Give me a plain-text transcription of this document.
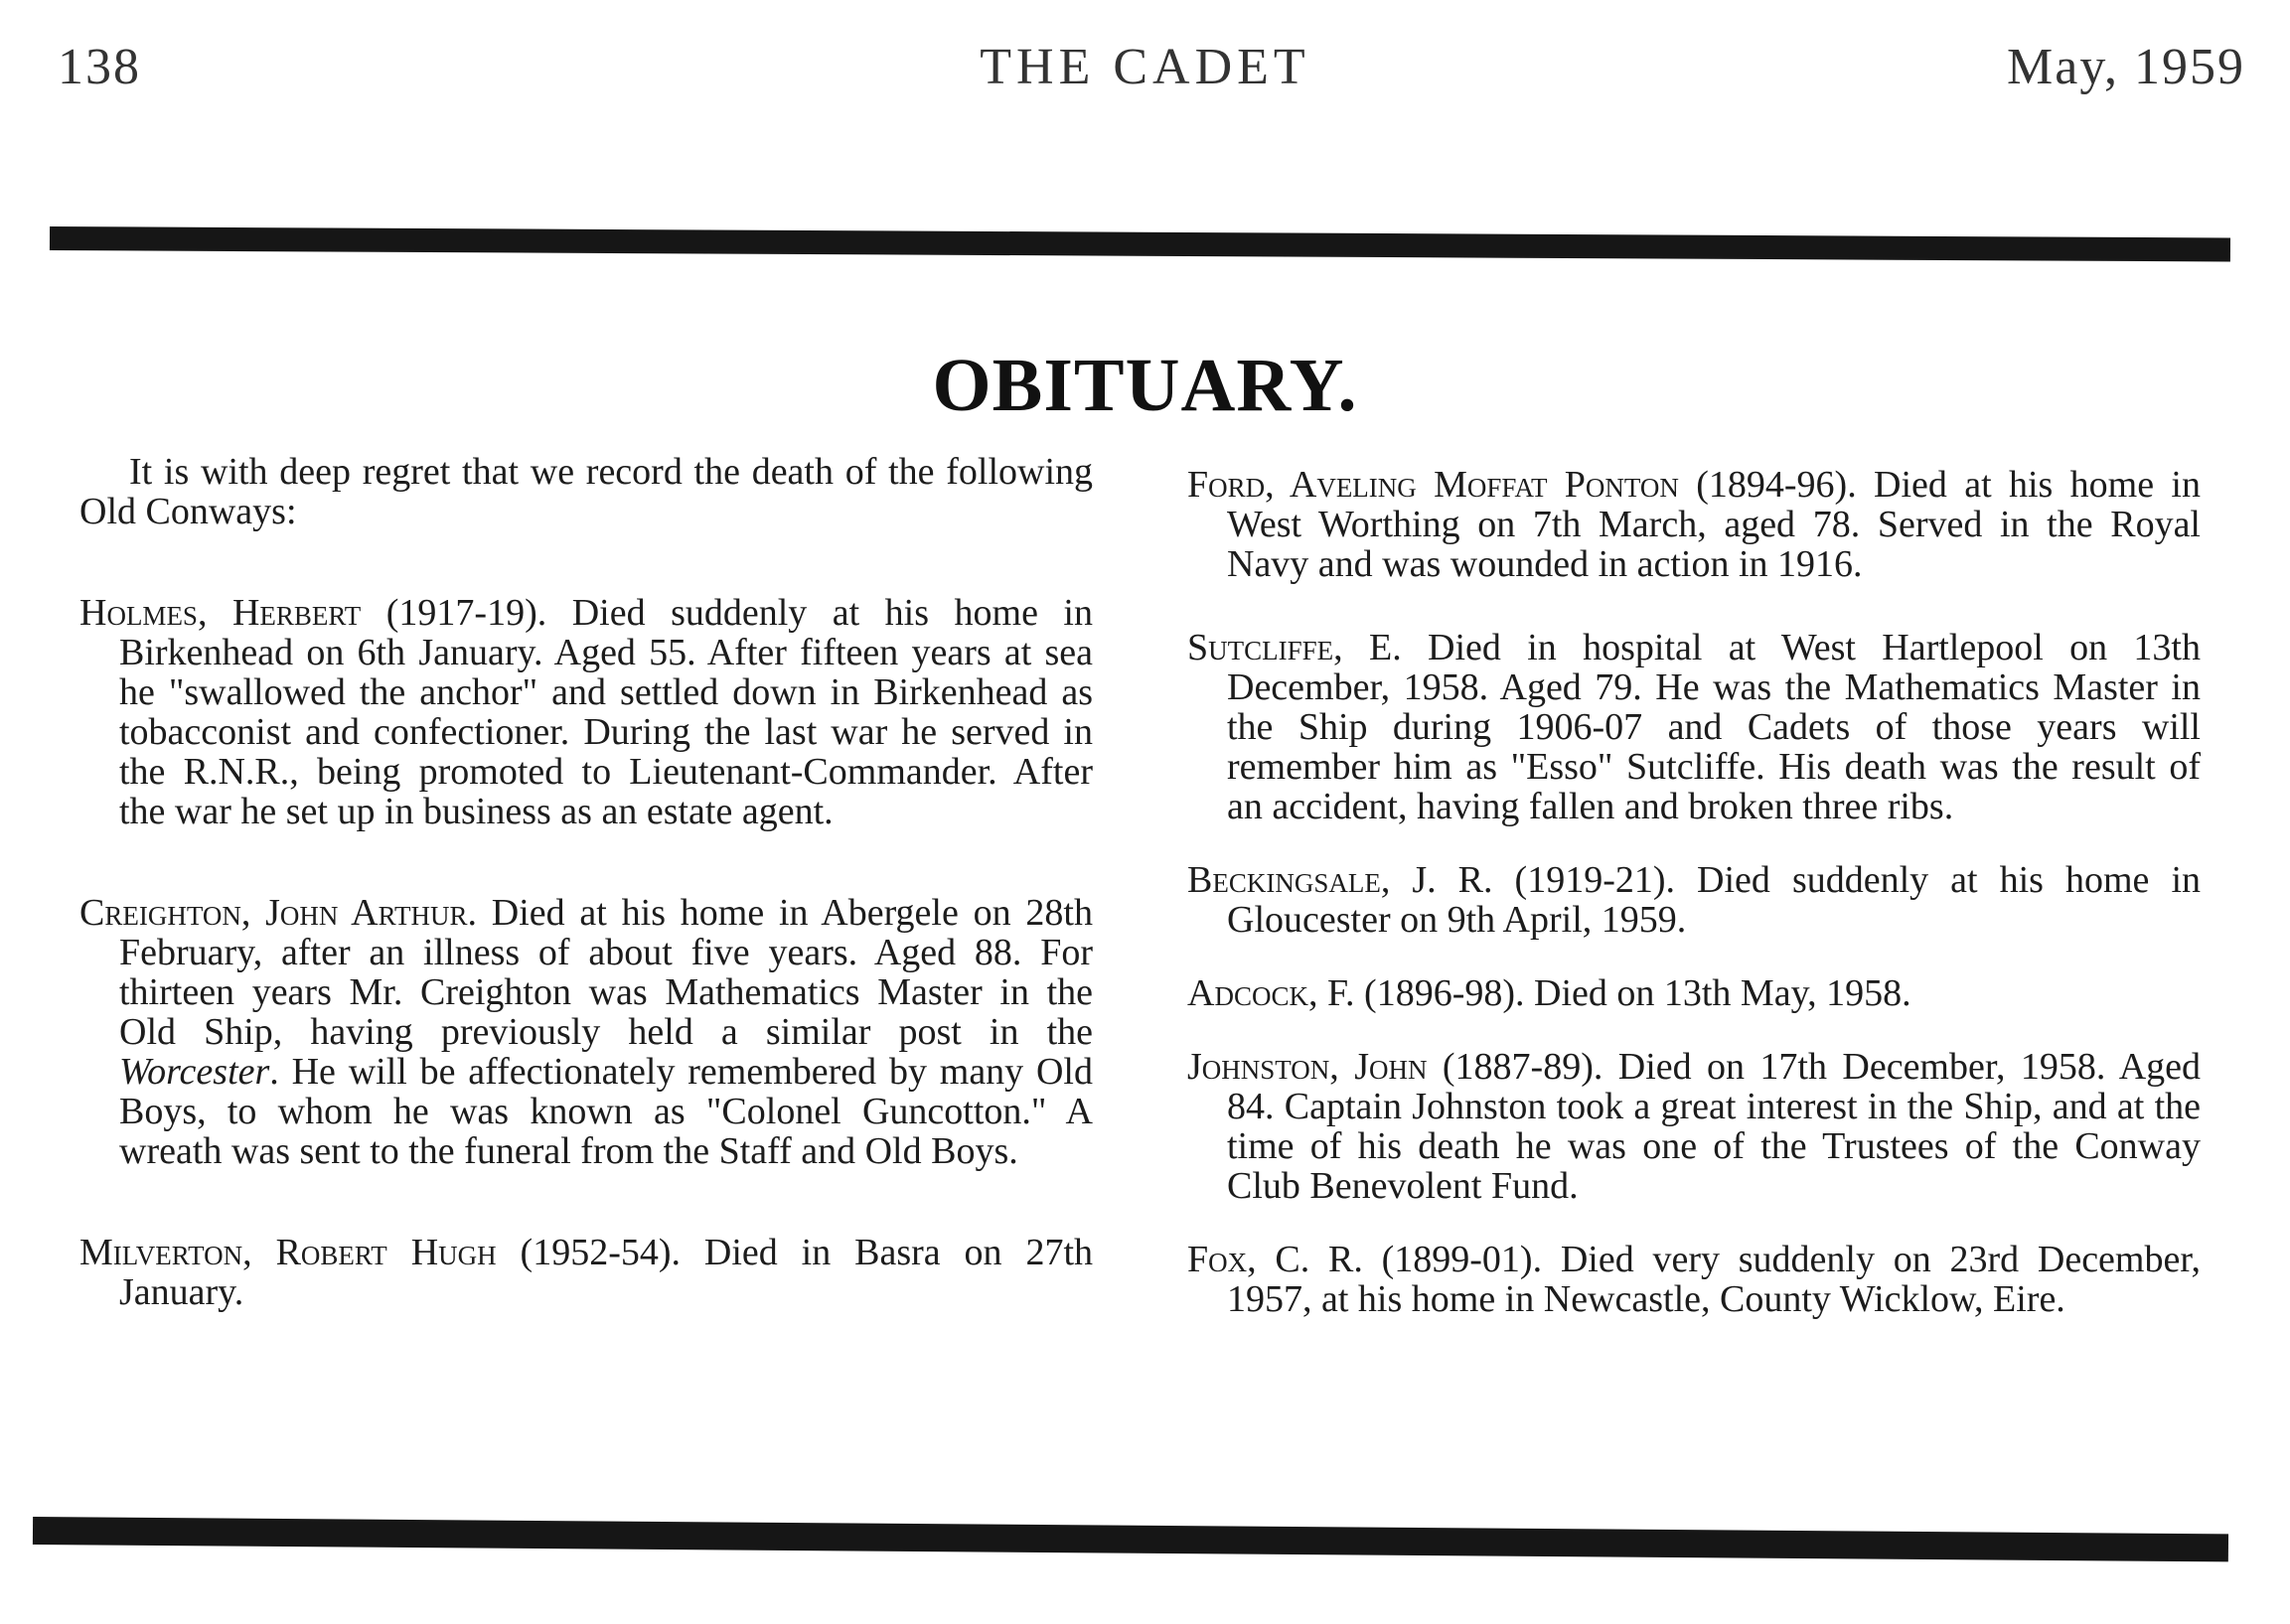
138	THE CADET	May, 1959
OBITUARY.

It is with deep regret that we record the death of the following Old Conways:

Holmes, Herbert (1917-19). Died suddenly at his home in Birkenhead on 6th January. Aged 55. After fifteen years at sea he "swallowed the anchor" and settled down in Birkenhead as tobacconist and confectioner. During the last war he served in the R.N.R., being promoted to Lieutenant-Commander. After the war he set up in business as an estate agent.

Creighton, John Arthur. Died at his home in Abergele on 28th February, after an illness of about five years. Aged 88. For thirteen years Mr. Creighton was Mathematics Master in the Old Ship, having previously held a similar post in the Worcester. He will be affectionately remembered by many Old Boys, to whom he was known as "Colonel Guncotton." A wreath was sent to the funeral from the Staff and Old Boys.

Milverton, Robert Hugh (1952-54). Died in Basra on 27th January.

Ford, Aveling Moffat Ponton (1894-96). Died at his home in West Worthing on 7th March, aged 78. Served in the Royal Navy and was wounded in action in 1916.

Sutcliffe, E. Died in hospital at West Hartlepool on 13th December, 1958. Aged 79. He was the Mathematics Master in the Ship during 1906-07 and Cadets of those years will remember him as "Esso" Sutcliffe. His death was the result of an accident, having fallen and broken three ribs.

Beckingsale, J. R. (1919-21). Died suddenly at his home in Gloucester on 9th April, 1959.

Adcock, F. (1896-98). Died on 13th May, 1958.

Johnston, John (1887-89). Died on 17th December, 1958. Aged 84. Captain Johnston took a great interest in the Ship, and at the time of his death he was one of the Trustees of the Conway Club Benevolent Fund.

Fox, C. R. (1899-01). Died very suddenly on 23rd December, 1957, at his home in Newcastle, County Wicklow, Eire.
